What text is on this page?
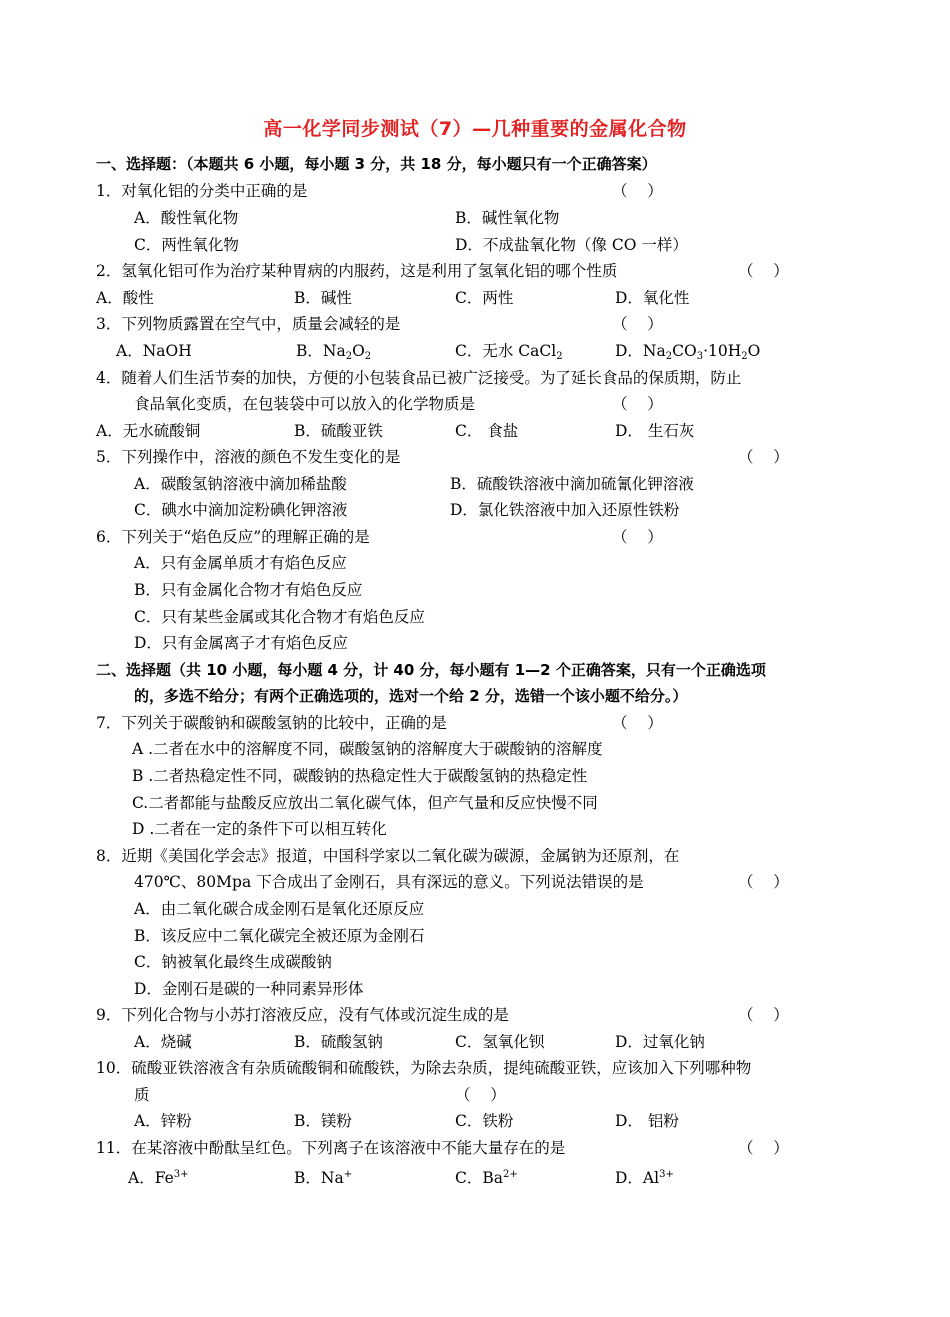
高一化学同步测试（7）—几种重要的金属化合物
一、选择题：（本题共 6 小题，每小题 3 分，共 18 分，每小题只有一个正确答案）
1．对氧化铝的分类中正确的是	（    ）
A．酸性氧化物	B．碱性氧化物
C．两性氧化物	D．不成盐氧化物（像 CO 一样）
2．氢氧化铝可作为治疗某种胃病的内服药，这是利用了氢氧化铝的哪个性质	（    ）
A．酸性	B．碱性	C．两性	D．氧化性
3．下列物质露置在空气中，质量会减轻的是	（    ）
A．NaOH	B．$Na_2O_2$	C．无水 CaCl$_2$	D．$Na_2CO_3\cdot 10H_2O$
4．随着人们生活节奏的加快，方便的小包装食品已被广泛接受。为了延长食品的保质期，防止
食品氧化变质，在包装袋中可以放入的化学物质是	（    ）
A．无水硫酸铜	B．硫酸亚铁	C． 食盐	D． 生石灰
5．下列操作中，溶液的颜色不发生变化的是	（    ）
A．碳酸氢钠溶液中滴加稀盐酸	B．硫酸铁溶液中滴加硫氰化钾溶液
C．碘水中滴加淀粉碘化钾溶液	D．氯化铁溶液中加入还原性铁粉
6．下列关于“焰色反应”的理解正确的是	（    ）
A．只有金属单质才有焰色反应
B．只有金属化合物才有焰色反应
C．只有某些金属或其化合物才有焰色反应
D．只有金属离子才有焰色反应
二、选择题（共 10 小题，每小题 4 分，计 40 分，每小题有 1—2 个正确答案，只有一个正确选项
的，多选不给分；有两个正确选项的，选对一个给 2 分，选错一个该小题不给分。）
7．下列关于碳酸钠和碳酸氢钠的比较中，正确的是	（    ）
A .二者在水中的溶解度不同，碳酸氢钠的溶解度大于碳酸钠的溶解度
B .二者热稳定性不同，碳酸钠的热稳定性大于碳酸氢钠的热稳定性
C.二者都能与盐酸反应放出二氧化碳气体，但产气量和反应快慢不同
D .二者在一定的条件下可以相互转化
8．近期《美国化学会志》报道，中国科学家以二氧化碳为碳源，金属钠为还原剂，在
470℃、80Mpa 下合成出了金刚石，具有深远的意义。下列说法错误的是	（    ）
A．由二氧化碳合成金刚石是氧化还原反应
B．该反应中二氧化碳完全被还原为金刚石
C．钠被氧化最终生成碳酸钠
D．金刚石是碳的一种同素异形体
9．下列化合物与小苏打溶液反应，没有气体或沉淀生成的是	（    ）
A．烧碱	B．硫酸氢钠	C．氢氧化钡	D．过氧化钠
10．硫酸亚铁溶液含有杂质硫酸铜和硫酸铁，为除去杂质，提纯硫酸亚铁，应该加入下列哪种物
质	（    ）
A．锌粉	B．镁粉	C．铁粉	D． 铝粉
11．在某溶液中酚酞呈红色。下列离子在该溶液中不能大量存在的是	（    ）
A．$Fe^{3+}$	B．Na+	C．$Ba^{2+}$	D．$Al^{3+}$
